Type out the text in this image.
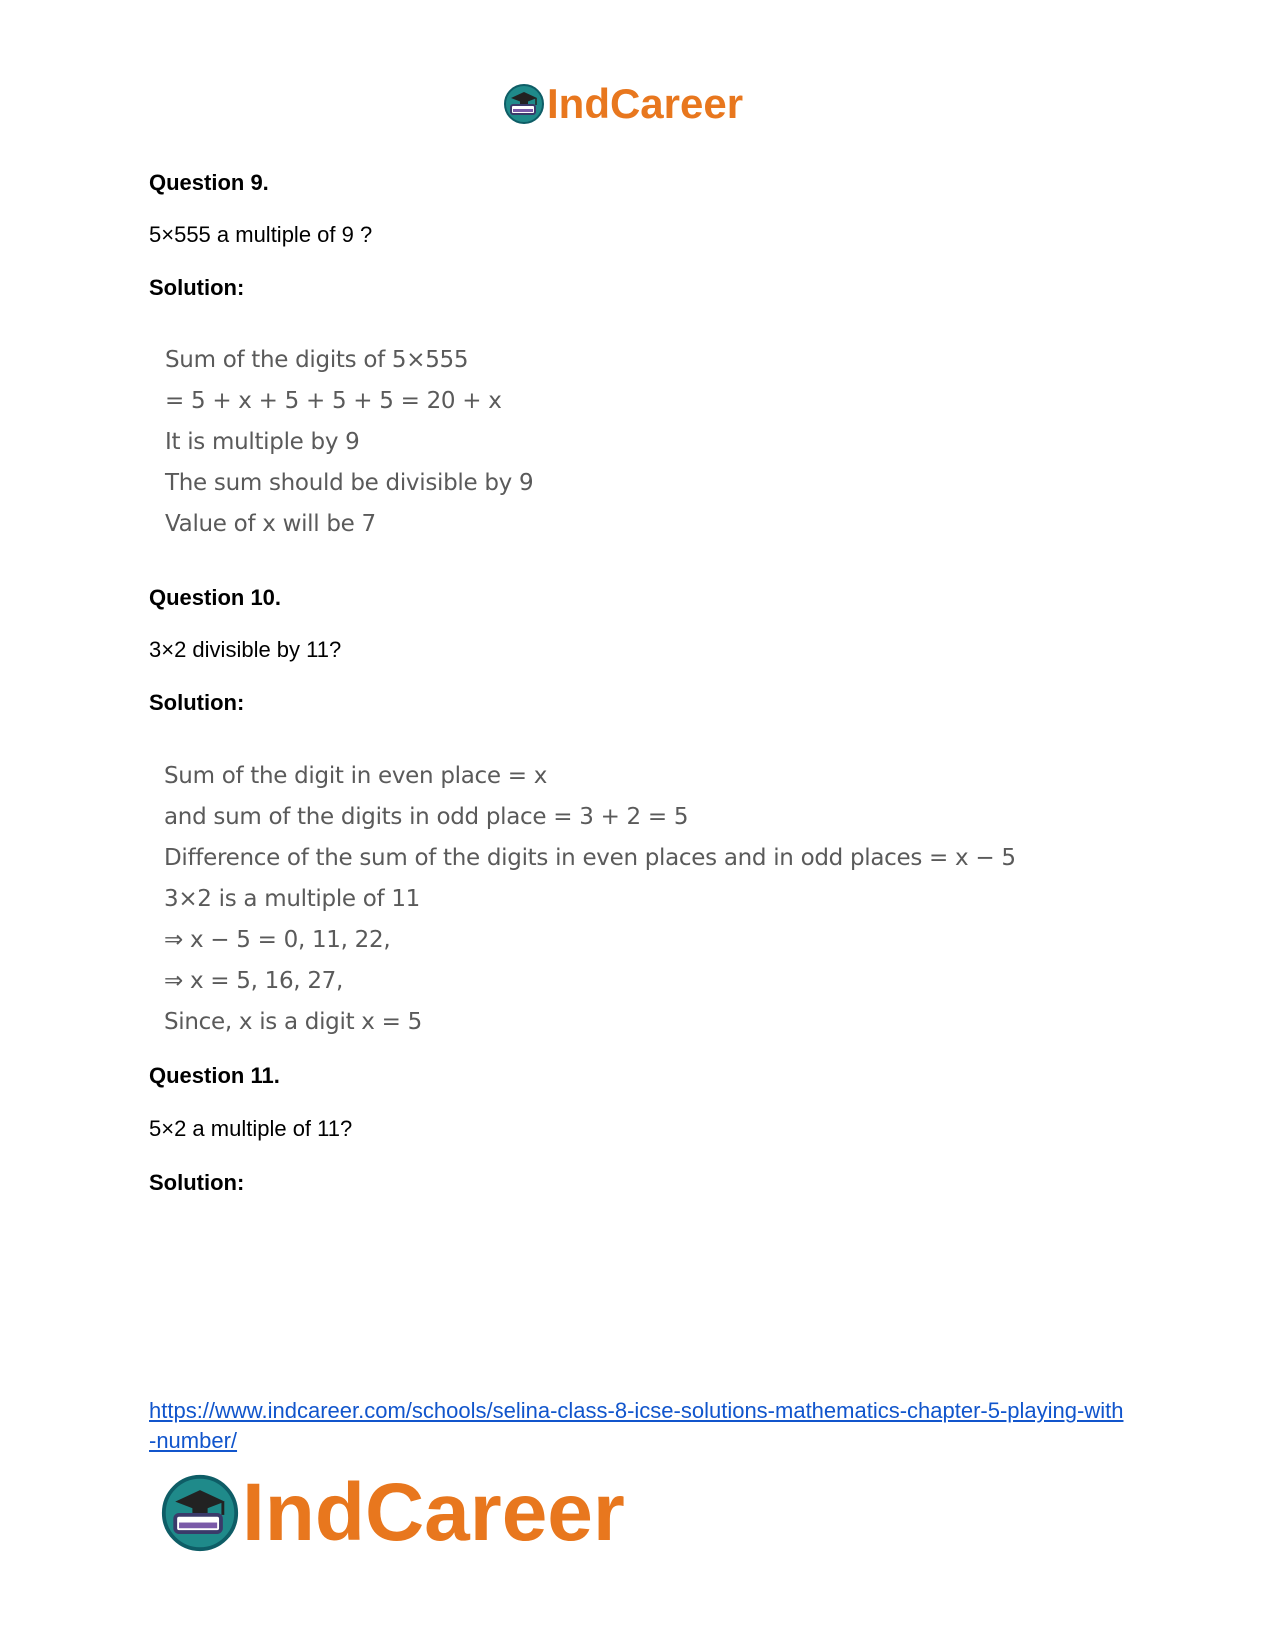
IndCareer
Question 9.
5×555 a multiple of 9 ?
Solution:
Sum of the digits of 5×555
= 5 + x + 5 + 5 + 5 = 20 + x
It is multiple by 9
The sum should be divisible by 9
Value of x will be 7
Question 10.
3×2 divisible by 11?
Solution:
Sum of the digit in even place = x
and sum of the digits in odd place = 3 + 2 = 5
Difference of the sum of the digits in even places and in odd places = x − 5
3×2 is a multiple of 11
⇒ x − 5 = 0, 11, 22,
⇒ x = 5, 16, 27,
Since, x is a digit x = 5
Question 11.
5×2 a multiple of 11?
Solution:
https://www.indcareer.com/schools/selina-class-8-icse-solutions-mathematics-chapter-5-playing-with-number/
IndCareer
